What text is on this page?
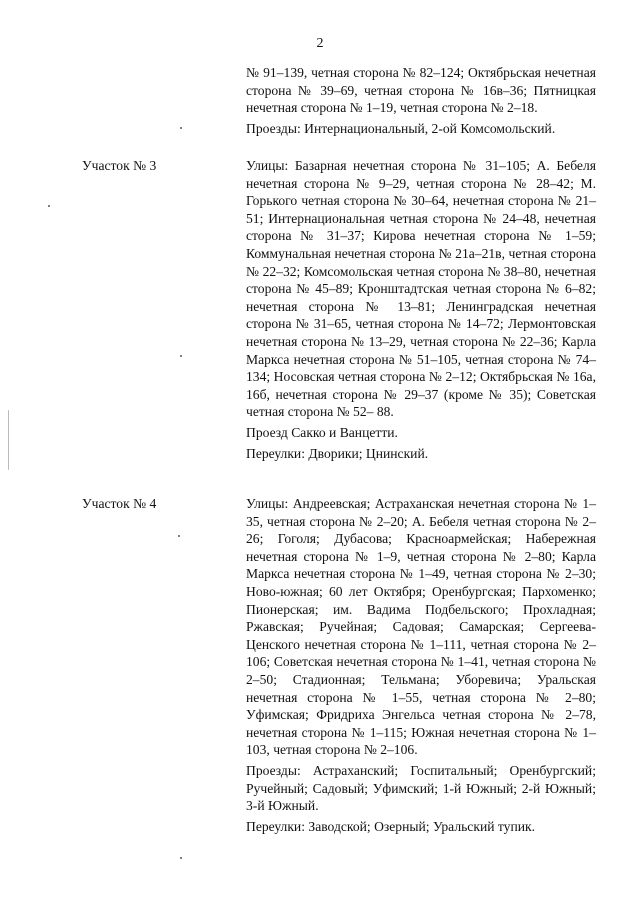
2

№ 91–139, четная сторона № 82–124; Октябрьская нечетная сторона № 39–69, четная сторона № 16в–36; Пятницкая нечетная сторона № 1–19, четная сторона № 2–18.

Проезды: Интернациональный, 2-ой Комсомольский.

Участок № 3	Улицы: Базарная нечетная сторона № 31–105; А. Бебеля нечетная сторона № 9–29, четная сторона № 28–42; М. Горького четная сторона № 30–64, нечетная сторона № 21–51; Интернациональная четная сторона № 24–48, нечетная сторона № 31–37; Кирова нечетная сторона № 1–59; Коммунальная нечетная сторона № 21а–21в, четная сторона № 22–32; Комсомольская четная сторона № 38–80, нечетная сторона № 45–89; Кронштадтская четная сторона № 6–82; нечетная сторона № 13–81; Ленинградская нечетная сторона № 31–65, четная сторона № 14–72; Лермонтовская нечетная сторона № 13–29, четная сторона № 22–36; Карла Маркса нечетная сторона № 51–105, четная сторона № 74–134; Носовская четная сторона № 2–12; Октябрьская № 16а, 16б, нечетная сторона № 29–37 (кроме № 35); Советская четная сторона № 52– 88.

Проезд Сакко и Ванцетти.

Переулки: Дворики; Цнинский.

Участок № 4	Улицы: Андреевская; Астраханская нечетная сторона № 1–35, четная сторона № 2–20; А. Бебеля четная сторона № 2–26; Гоголя; Дубасова; Красноармейская; Набережная нечетная сторона № 1–9, четная сторона № 2–80; Карла Маркса нечетная сторона № 1–49, четная сторона № 2–30; Ново-южная; 60 лет Октября; Оренбургская; Пархоменко; Пионерская; им. Вадима Подбельского; Прохладная; Ржавская; Ручейная; Садовая; Самарская; Сергеева-Ценского нечетная сторона № 1–111, четная сторона № 2–106; Советская нечетная сторона № 1–41, четная сторона № 2–50; Стадионная; Тельмана; Уборевича; Уральская нечетная сторона № 1–55, четная сторона № 2–80; Уфимская; Фридриха Энгельса четная сторона № 2–78, нечетная сторона № 1–115; Южная нечетная сторона № 1–103, четная сторона № 2–106.

Проезды: Астраханский; Госпитальный; Оренбургский; Ручейный; Садовый; Уфимский; 1-й Южный; 2-й Южный; 3-й Южный.

Переулки: Заводской; Озерный; Уральский тупик.
